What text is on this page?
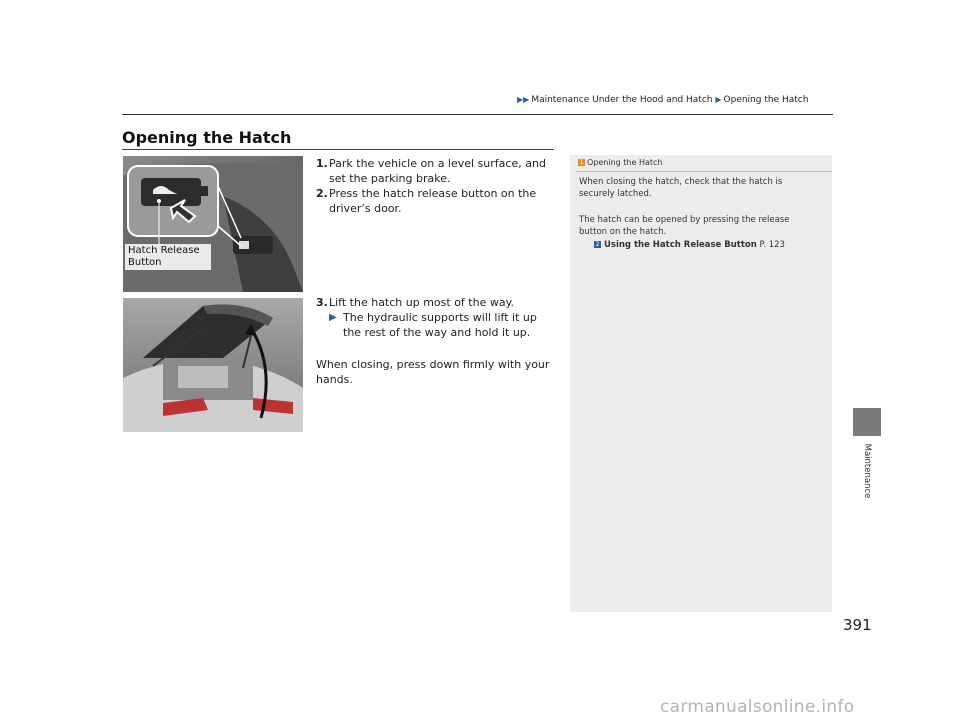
▶▶ Maintenance Under the Hood and Hatch ▶ Opening the Hatch
Opening the Hatch
Hatch Release
Button

1. Park the vehicle on a level surface, and set the parking brake.

2. Press the hatch release button on the driver’s door.

3. Lift the hatch up most of the way.

▶ The hydraulic supports will lift it up the rest of the way and hold it up.

When closing, press down firmly with your hands.

1 Opening the Hatch

When closing the hatch, check that the hatch is securely latched.

The hatch can be opened by pressing the release button on the hatch.

2 Using the Hatch Release Button P. 123
Maintenance
391
carmanualsonline.info
